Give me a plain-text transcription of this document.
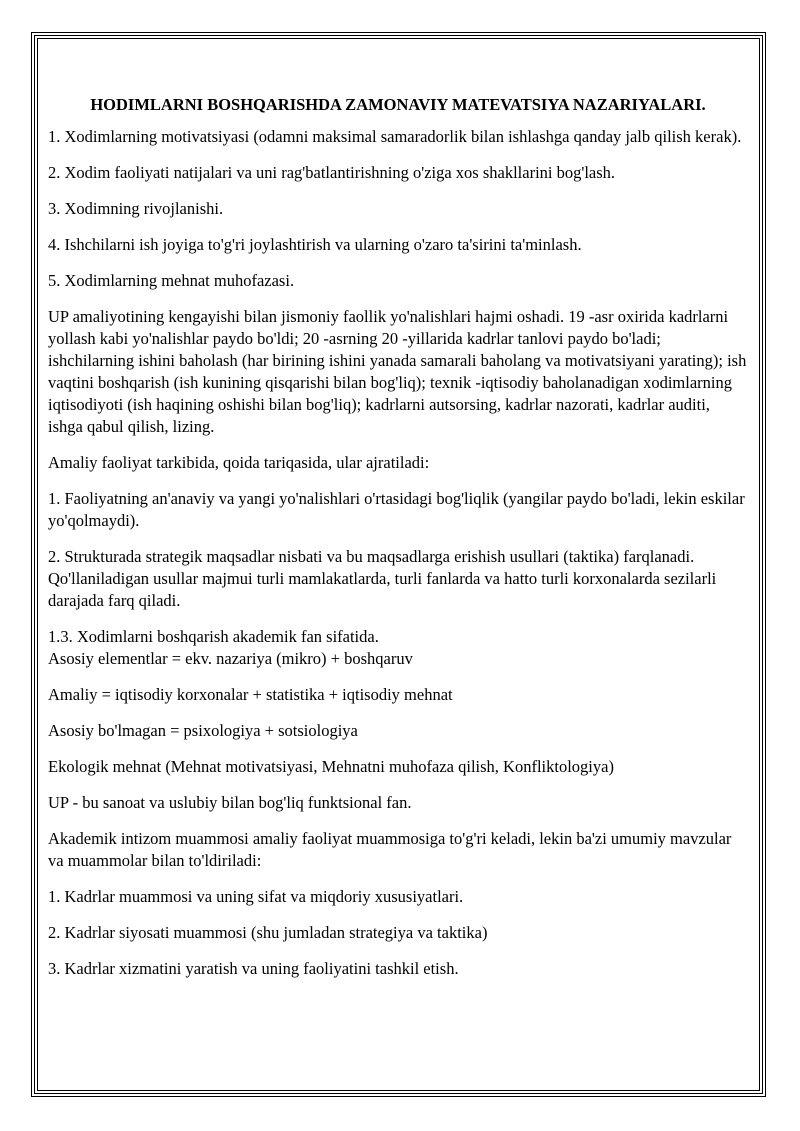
HODIMLARNI BOSHQARISHDA ZAMONAVIY MATEVATSIYA NAZARIYALARI.

1. Xodimlarning motivatsiyasi (odamni maksimal samaradorlik bilan ishlashga qanday jalb qilish kerak).

2. Xodim faoliyati natijalari va uni rag'batlantirishning o'ziga xos shakllarini bog'lash.

3. Xodimning rivojlanishi.

4. Ishchilarni ish joyiga to'g'ri joylashtirish va ularning o'zaro ta'sirini ta'minlash.

5. Xodimlarning mehnat muhofazasi.

UP amaliyotining kengayishi bilan jismoniy faollik yo'nalishlari hajmi oshadi. 19 -asr oxirida kadrlarni yollash kabi yo'nalishlar paydo bo'ldi; 20 -asrning 20 -yillarida kadrlar tanlovi paydo bo'ladi; ishchilarning ishini baholash (har birining ishini yanada samarali baholang va motivatsiyani yarating); ish vaqtini boshqarish (ish kunining qisqarishi bilan bog'liq); texnik -iqtisodiy baholanadigan xodimlarning iqtisodiyoti (ish haqining oshishi bilan bog'liq); kadrlarni autsorsing, kadrlar nazorati, kadrlar auditi, ishga qabul qilish, lizing.

Amaliy faoliyat tarkibida, qoida tariqasida, ular ajratiladi:

1. Faoliyatning an'anaviy va yangi yo'nalishlari o'rtasidagi bog'liqlik (yangilar paydo bo'ladi, lekin eskilar yo'qolmaydi).

2. Strukturada strategik maqsadlar nisbati va bu maqsadlarga erishish usullari (taktika) farqlanadi. Qo'llaniladigan usullar majmui turli mamlakatlarda, turli fanlarda va hatto turli korxonalarda sezilarli darajada farq qiladi.

1.3. Xodimlarni boshqarish akademik fan sifatida.

Asosiy elementlar = ekv. nazariya (mikro) + boshqaruv

Amaliy = iqtisodiy korxonalar + statistika + iqtisodiy mehnat

Asosiy bo'lmagan = psixologiya + sotsiologiya

Ekologik mehnat (Mehnat motivatsiyasi, Mehnatni muhofaza qilish, Konfliktologiya)

UP - bu sanoat va uslubiy bilan bog'liq funktsional fan.

Akademik intizom muammosi amaliy faoliyat muammosiga to'g'ri keladi, lekin ba'zi umumiy mavzular va muammolar bilan to'ldiriladi:

1. Kadrlar muammosi va uning sifat va miqdoriy xususiyatlari.

2. Kadrlar siyosati muammosi (shu jumladan strategiya va taktika)

3. Kadrlar xizmatini yaratish va uning faoliyatini tashkil etish.
